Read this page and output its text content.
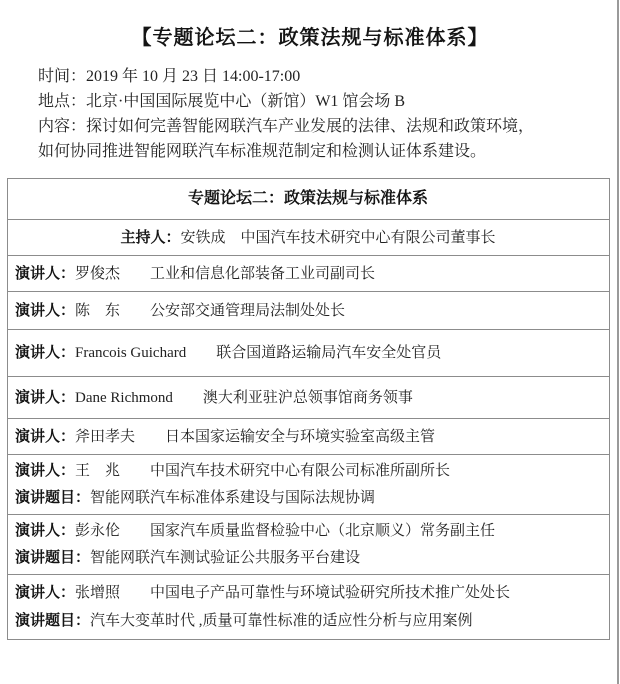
【专题论坛二：政策法规与标准体系】

时间：2019 年 10 月 23 日 14:00-17:00

地点：北京·中国国际展览中心（新馆）W1 馆会场 B

内容：探讨如何完善智能网联汽车产业发展的法律、法规和政策环境，

如何协同推进智能网联汽车标准规范制定和检测认证体系建设。

专题论坛二：政策法规与标准体系
主持人：安铁成　中国汽车技术研究中心有限公司董事长
演讲人：罗俊杰　　工业和信息化部装备工业司副司长
演讲人：陈　东　　公安部交通管理局法制处处长
演讲人：Francois Guichard　　联合国道路运输局汽车安全处官员
演讲人：Dane Richmond　　澳大利亚驻沪总领事馆商务领事
演讲人：斧田孝夫　　日本国家运输安全与环境实验室高级主管
演讲人：王　兆　　中国汽车技术研究中心有限公司标准所副所长
演讲题目：智能网联汽车标准体系建设与国际法规协调
演讲人：彭永伦　　国家汽车质量监督检验中心（北京顺义）常务副主任
演讲题目：智能网联汽车测试验证公共服务平台建设
演讲人：张增照　　中国电子产品可靠性与环境试验研究所技术推广处处长
演讲题目：汽车大变革时代 ,质量可靠性标准的适应性分析与应用案例
